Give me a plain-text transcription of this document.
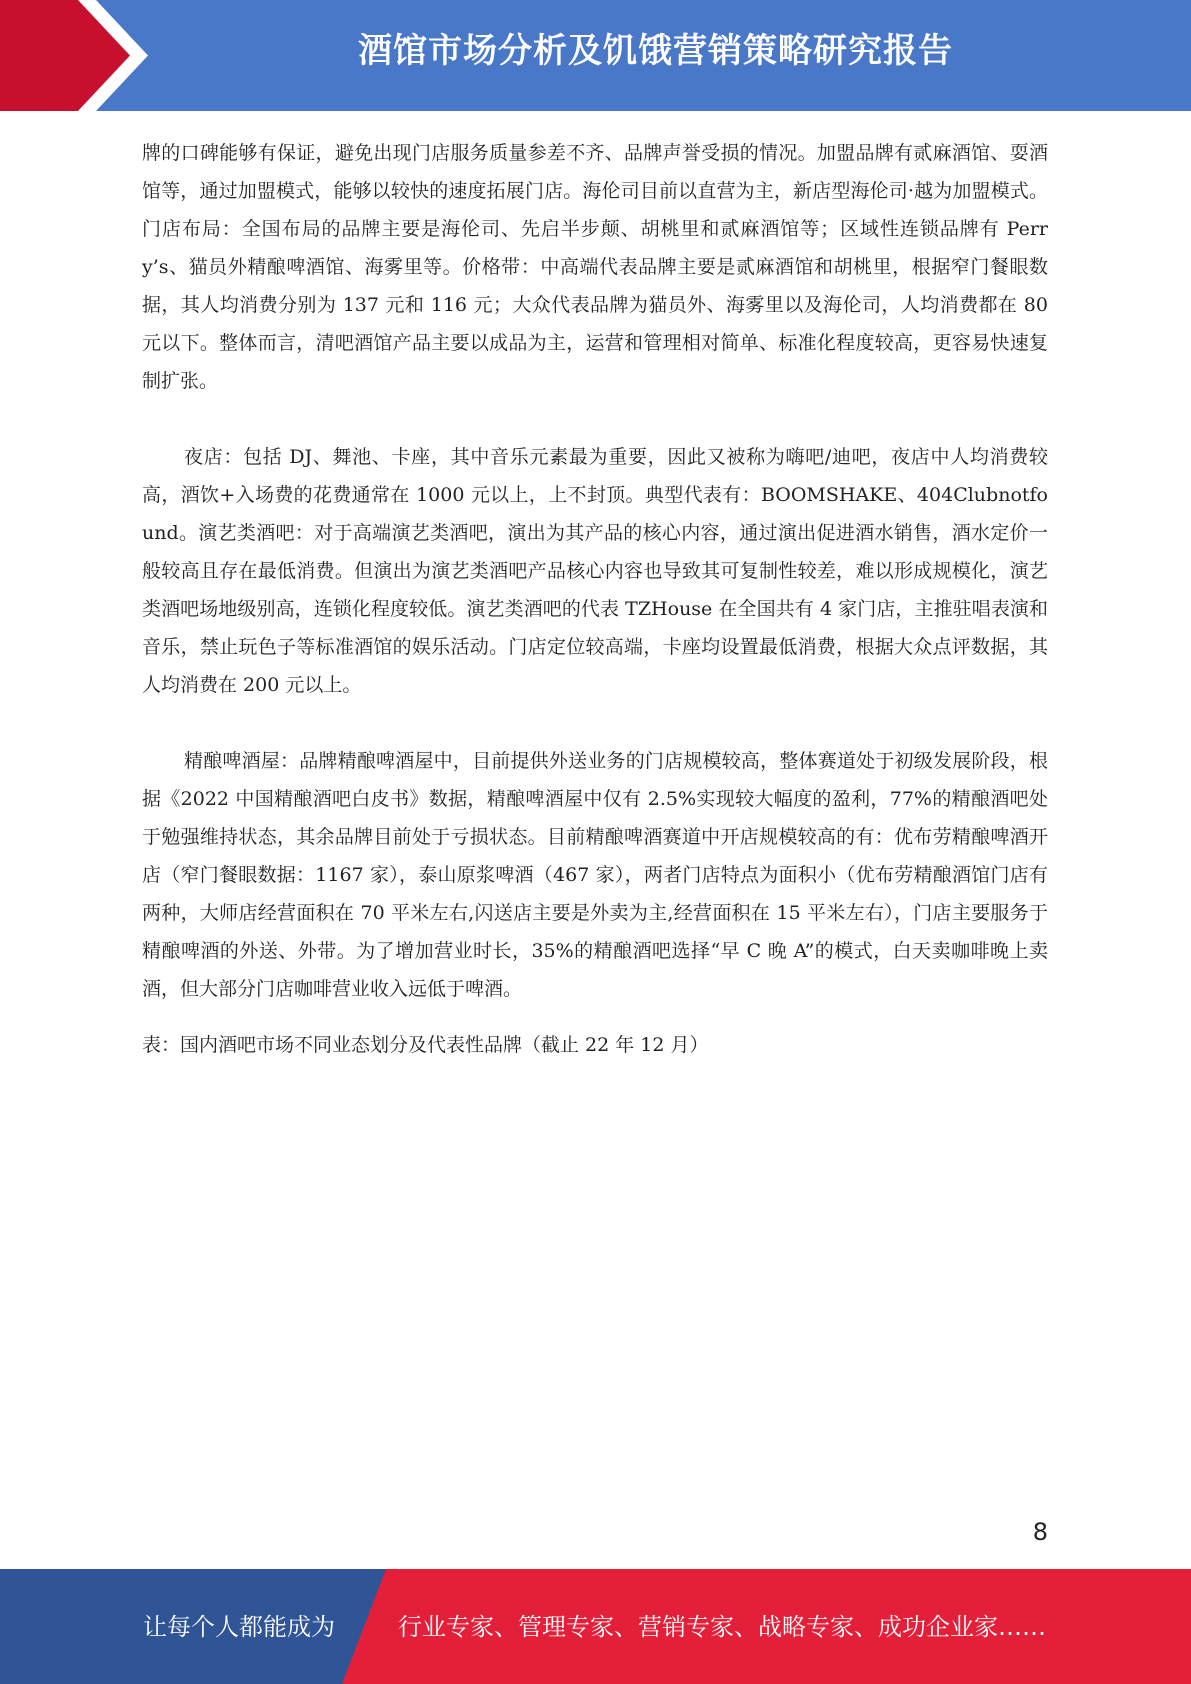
酒馆市场分析及饥饿营销策略研究报告

牌的口碑能够有保证，避免出现门店服务质量参差不齐、品牌声誉受损的情况。加盟品牌有贰麻酒馆、耍酒馆等，通过加盟模式，能够以较快的速度拓展门店。海伦司目前以直营为主，新店型海伦司·越为加盟模式。门店布局：全国布局的品牌主要是海伦司、先启半步颠、胡桃里和贰麻酒馆等；区域性连锁品牌有 Perry’s、猫员外精酿啤酒馆、海雾里等。价格带：中高端代表品牌主要是贰麻酒馆和胡桃里，根据窄门餐眼数据，其人均消费分别为 137 元和 116 元；大众代表品牌为猫员外、海雾里以及海伦司，人均消费都在 80 元以下。整体而言，清吧酒馆产品主要以成品为主，运营和管理相对简单、标准化程度较高，更容易快速复制扩张。

夜店：包括 DJ、舞池、卡座，其中音乐元素最为重要，因此又被称为嗨吧/迪吧，夜店中人均消费较高，酒饮+入场费的花费通常在 1000 元以上，上不封顶。典型代表有：BOOMSHAKE、404Clubnotfound。演艺类酒吧：对于高端演艺类酒吧，演出为其产品的核心内容，通过演出促进酒水销售，酒水定价一般较高且存在最低消费。但演出为演艺类酒吧产品核心内容也导致其可复制性较差，难以形成规模化，演艺类酒吧场地级别高，连锁化程度较低。演艺类酒吧的代表 TZHouse 在全国共有 4 家门店，主推驻唱表演和音乐，禁止玩色子等标准酒馆的娱乐活动。门店定位较高端，卡座均设置最低消费，根据大众点评数据，其人均消费在 200 元以上。

精酿啤酒屋：品牌精酿啤酒屋中，目前提供外送业务的门店规模较高，整体赛道处于初级发展阶段，根据《2022 中国精酿酒吧白皮书》数据，精酿啤酒屋中仅有 2.5%实现较大幅度的盈利，77%的精酿酒吧处于勉强维持状态，其余品牌目前处于亏损状态。目前精酿啤酒赛道中开店规模较高的有：优布劳精酿啤酒开店（窄门餐眼数据：1167 家），泰山原浆啤酒（467 家），两者门店特点为面积小（优布劳精酿酒馆门店有两种，大师店经营面积在 70 平米左右,闪送店主要是外卖为主,经营面积在 15 平米左右），门店主要服务于精酿啤酒的外送、外带。为了增加营业时长，35%的精酿酒吧选择“早 C 晚 A”的模式，白天卖咖啡晚上卖酒，但大部分门店咖啡营业收入远低于啤酒。

表：国内酒吧市场不同业态划分及代表性品牌（截止 22 年 12 月）

8
让每个人都能成为	行业专家、管理专家、营销专家、战略专家、成功企业家……
